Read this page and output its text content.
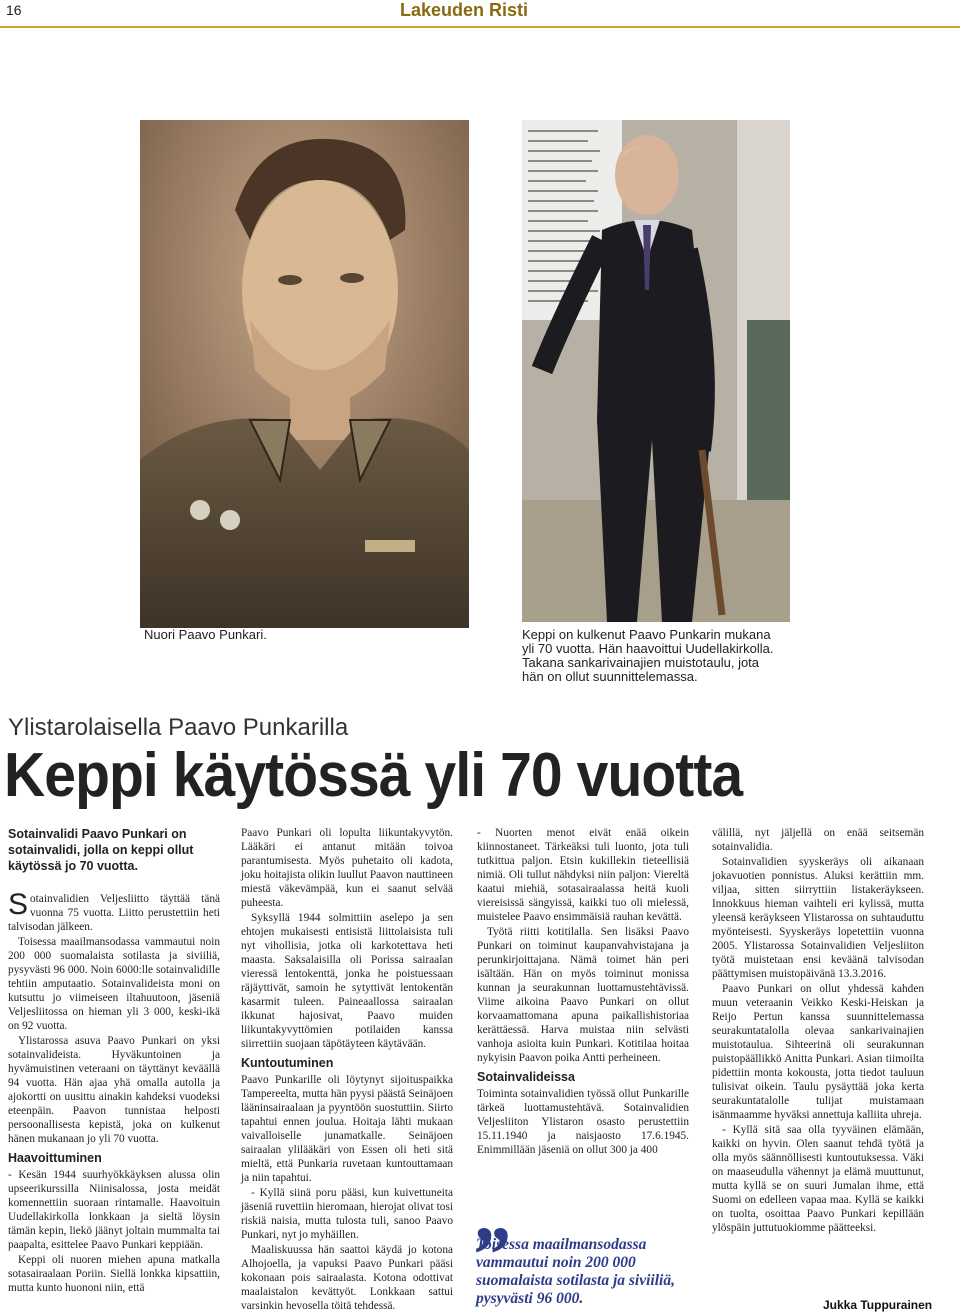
16	Lakeuden Risti
Nuori Paavo Punkari.	Keppi on kulkenut Paavo Punkarin mukana
yli 70 vuotta. Hän haavoittui Uudellakirkolla.
Takana sankarivainajien muistotaulu, jota
hän on ollut suunnittelemassa.
Ylistarolaisella Paavo Punkarilla
Keppi käytössä yli 70 vuotta
Sotainvalidi Paavo Punkari on sotainvalidi, jolla on keppi ollut käytössä jo 70 vuotta.

Sotainvalidien Veljesliitto täyttää tänä vuonna 75 vuotta. Liitto perustettiin heti talvisodan jälkeen.

Toisessa maailmansodassa vammautui noin 200 000 suomalaista sotilasta ja siviiliä, pysyvästi 96 000. Noin 6000:lle sotainvalidille tehtiin amputaatio. Sotainvalideista moni on kutsuttu jo viimeiseen iltahuutoon, jäseniä Veljesliitossa on hieman yli 3 000, keski-ikä on 92 vuotta.

Ylistarossa asuva Paavo Punkari on yksi sotainvalideista. Hyväkuntoinen ja hyvämuistinen veteraani on täyttänyt keväällä 94 vuotta. Hän ajaa yhä omalla autolla ja ajokortti on uusittu ainakin kahdeksi vuodeksi eteenpäin. Paavon tunnistaa helposti persoonallisesta kepistä, joka on kulkenut hänen mukanaan jo yli 70 vuotta.

Haavoittuminen

- Kesän 1944 suurhyökkäyksen alussa olin upseerikurssilla Niinisalossa, josta meidät komennettiin suoraan rintamalle. Haavoituin Uudellakirkolla lonkkaan ja sieltä löysin tämän kepin, liekö jäänyt joltain mummalta tai paapalta, esittelee Paavo Punkari keppiään.

Keppi oli nuoren miehen apuna matkalla sotasairaalaan Poriin. Siellä lonkka kipsattiin, mutta kunto huononi niin, että

Paavo Punkari oli lopulta liikuntakyvytön. Lääkäri ei antanut mitään toivoa parantumisesta. Myös puhetaito oli kadota, joku hoitajista olikin luullut Paavon nauttineen miestä väkevämpää, kun ei saanut selvää puheesta.

Syksyllä 1944 solmittiin aselepo ja sen ehtojen mukaisesti entisistä liittolaisista tuli nyt vihollisia, jotka oli karkotettava heti maasta. Saksalaisilla oli Porissa sairaalan vieressä lentokenttä, jonka he poistuessaan räjäyttivät, samoin he sytyttivät lentokentän kasarmit tuleen. Paineaallossa sairaalan ikkunat hajosivat, Paavo muiden liikuntakyvyttömien potilaiden kanssa siirrettiin suojaan täpötäyteen käytävään.

Kuntoutuminen

Paavo Punkarille oli löytynyt sijoituspaikka Tampereelta, mutta hän pyysi päästä Seinäjoen lääninsairaalaan ja pyyntöön suostuttiin. Siirto tapahtui ennen joulua. Hoitaja lähti mukaan vaivalloiselle junamatkalle. Seinäjoen sairaalan ylilääkäri von Essen oli heti sitä mieltä, että Punkaria ruvetaan kuntouttamaan ja niin tapahtui.

- Kyllä siinä poru pääsi, kun kuivettuneita jäseniä ruvettiin hieromaan, hierojat olivat tosi riskiä naisia, mutta tulosta tuli, sanoo Paavo Punkari, nyt jo myhäillen.

Maaliskuussa hän saattoi käydä jo kotona Alhojoella, ja vapuksi Paavo Punkari pääsi kokonaan pois sairaalasta. Kotona odottivat maalaistalon kevättyöt. Lonkkaan sattui varsinkin hevosella töitä tehdessä.

- Nuorten menot eivät enää oikein kiinnostaneet. Tärkeäksi tuli luonto, jota tuli tutkittua paljon. Etsin kukillekin tieteellisiä nimiä. Oli tullut nähdyksi niin paljon: Viereltä kaatui miehiä, sotasairaalassa heitä kuoli viereisissä sängyissä, kaikki tuo oli mielessä, muistelee Paavo ensimmäisiä rauhan kevättä.

Työtä riitti kotitilalla. Sen lisäksi Paavo Punkari on toiminut kaupanvahvistajana ja perunkirjoittajana. Nämä toimet hän peri isältään. Hän on myös toiminut monissa kunnan ja seurakunnan luottamustehtävissä. Viime aikoina Paavo Punkari on ollut korvaamattomana apuna paikallishistoriaa kerättäessä. Harva muistaa niin selvästi vanhoja asioita kuin Punkari. Kotitilaa hoitaa nykyisin Paavon poika Antti perheineen.

Sotainvalideissa

Toiminta sotainvalidien työssä ollut Punkarille tärkeä luottamustehtävä. Sotainvalidien Veljesliiton Ylistaron osasto perustettiin 15.11.1940 ja naisjaosto 17.6.1945. Enimmillään jäseniä on ollut 300 ja 400

„
Toisessa maailmansodassa vammautui noin 200 000 suomalaista sotilasta ja siviiliä, pysyvästi 96 000.

välillä, nyt jäljellä on enää seitsemän sotainvalidia.

Sotainvalidien syyskeräys oli aikanaan jokavuotien ponnistus. Aluksi kerättiin mm. viljaa, sitten siirryttiin listakeräykseen. Innokkuus hieman vaihteli eri kylissä, mutta yleensä keräykseen Ylistarossa on suhtauduttu myönteisesti. Syyskeräys lopetettiin vuonna 2005. Ylistarossa Sotainvalidien Veljesliiton työtä muistetaan ensi keväänä talvisodan päättymisen muistopäivänä 13.3.2016.

Paavo Punkari on ollut yhdessä kahden muun veteraanin Veikko Keski-Heiskan ja Reijo Pertun kanssa suunnittelemassa seurakuntatalolla olevaa sankarivainajien muistotaulua. Sihteerinä oli seurakunnan puistopäällikkö Anitta Punkari. Asian tiimoilta pidettiin monta kokousta, jotta tiedot tauluun tulisivat oikein. Taulu pysäyttää joka kerta seurakuntatalolle tulijat muistamaan isänmaamme hyväksi annettuja kalliita uhreja.

- Kyllä sitä saa olla tyyväinen elämään, kaikki on hyvin. Olen saanut tehdä työtä ja olla myös säännöllisesti kuntoutuksessa. Väki on maaseudulla vähennyt ja elämä muuttunut, mutta kyllä se on suuri Jumalan ihme, että Suomi on edelleen vapaa maa. Kyllä se kaikki on tuolta, osoittaa Paavo Punkari kepillään ylöspäin juttutuokiomme päätteeksi.

Jukka Tuppurainen
